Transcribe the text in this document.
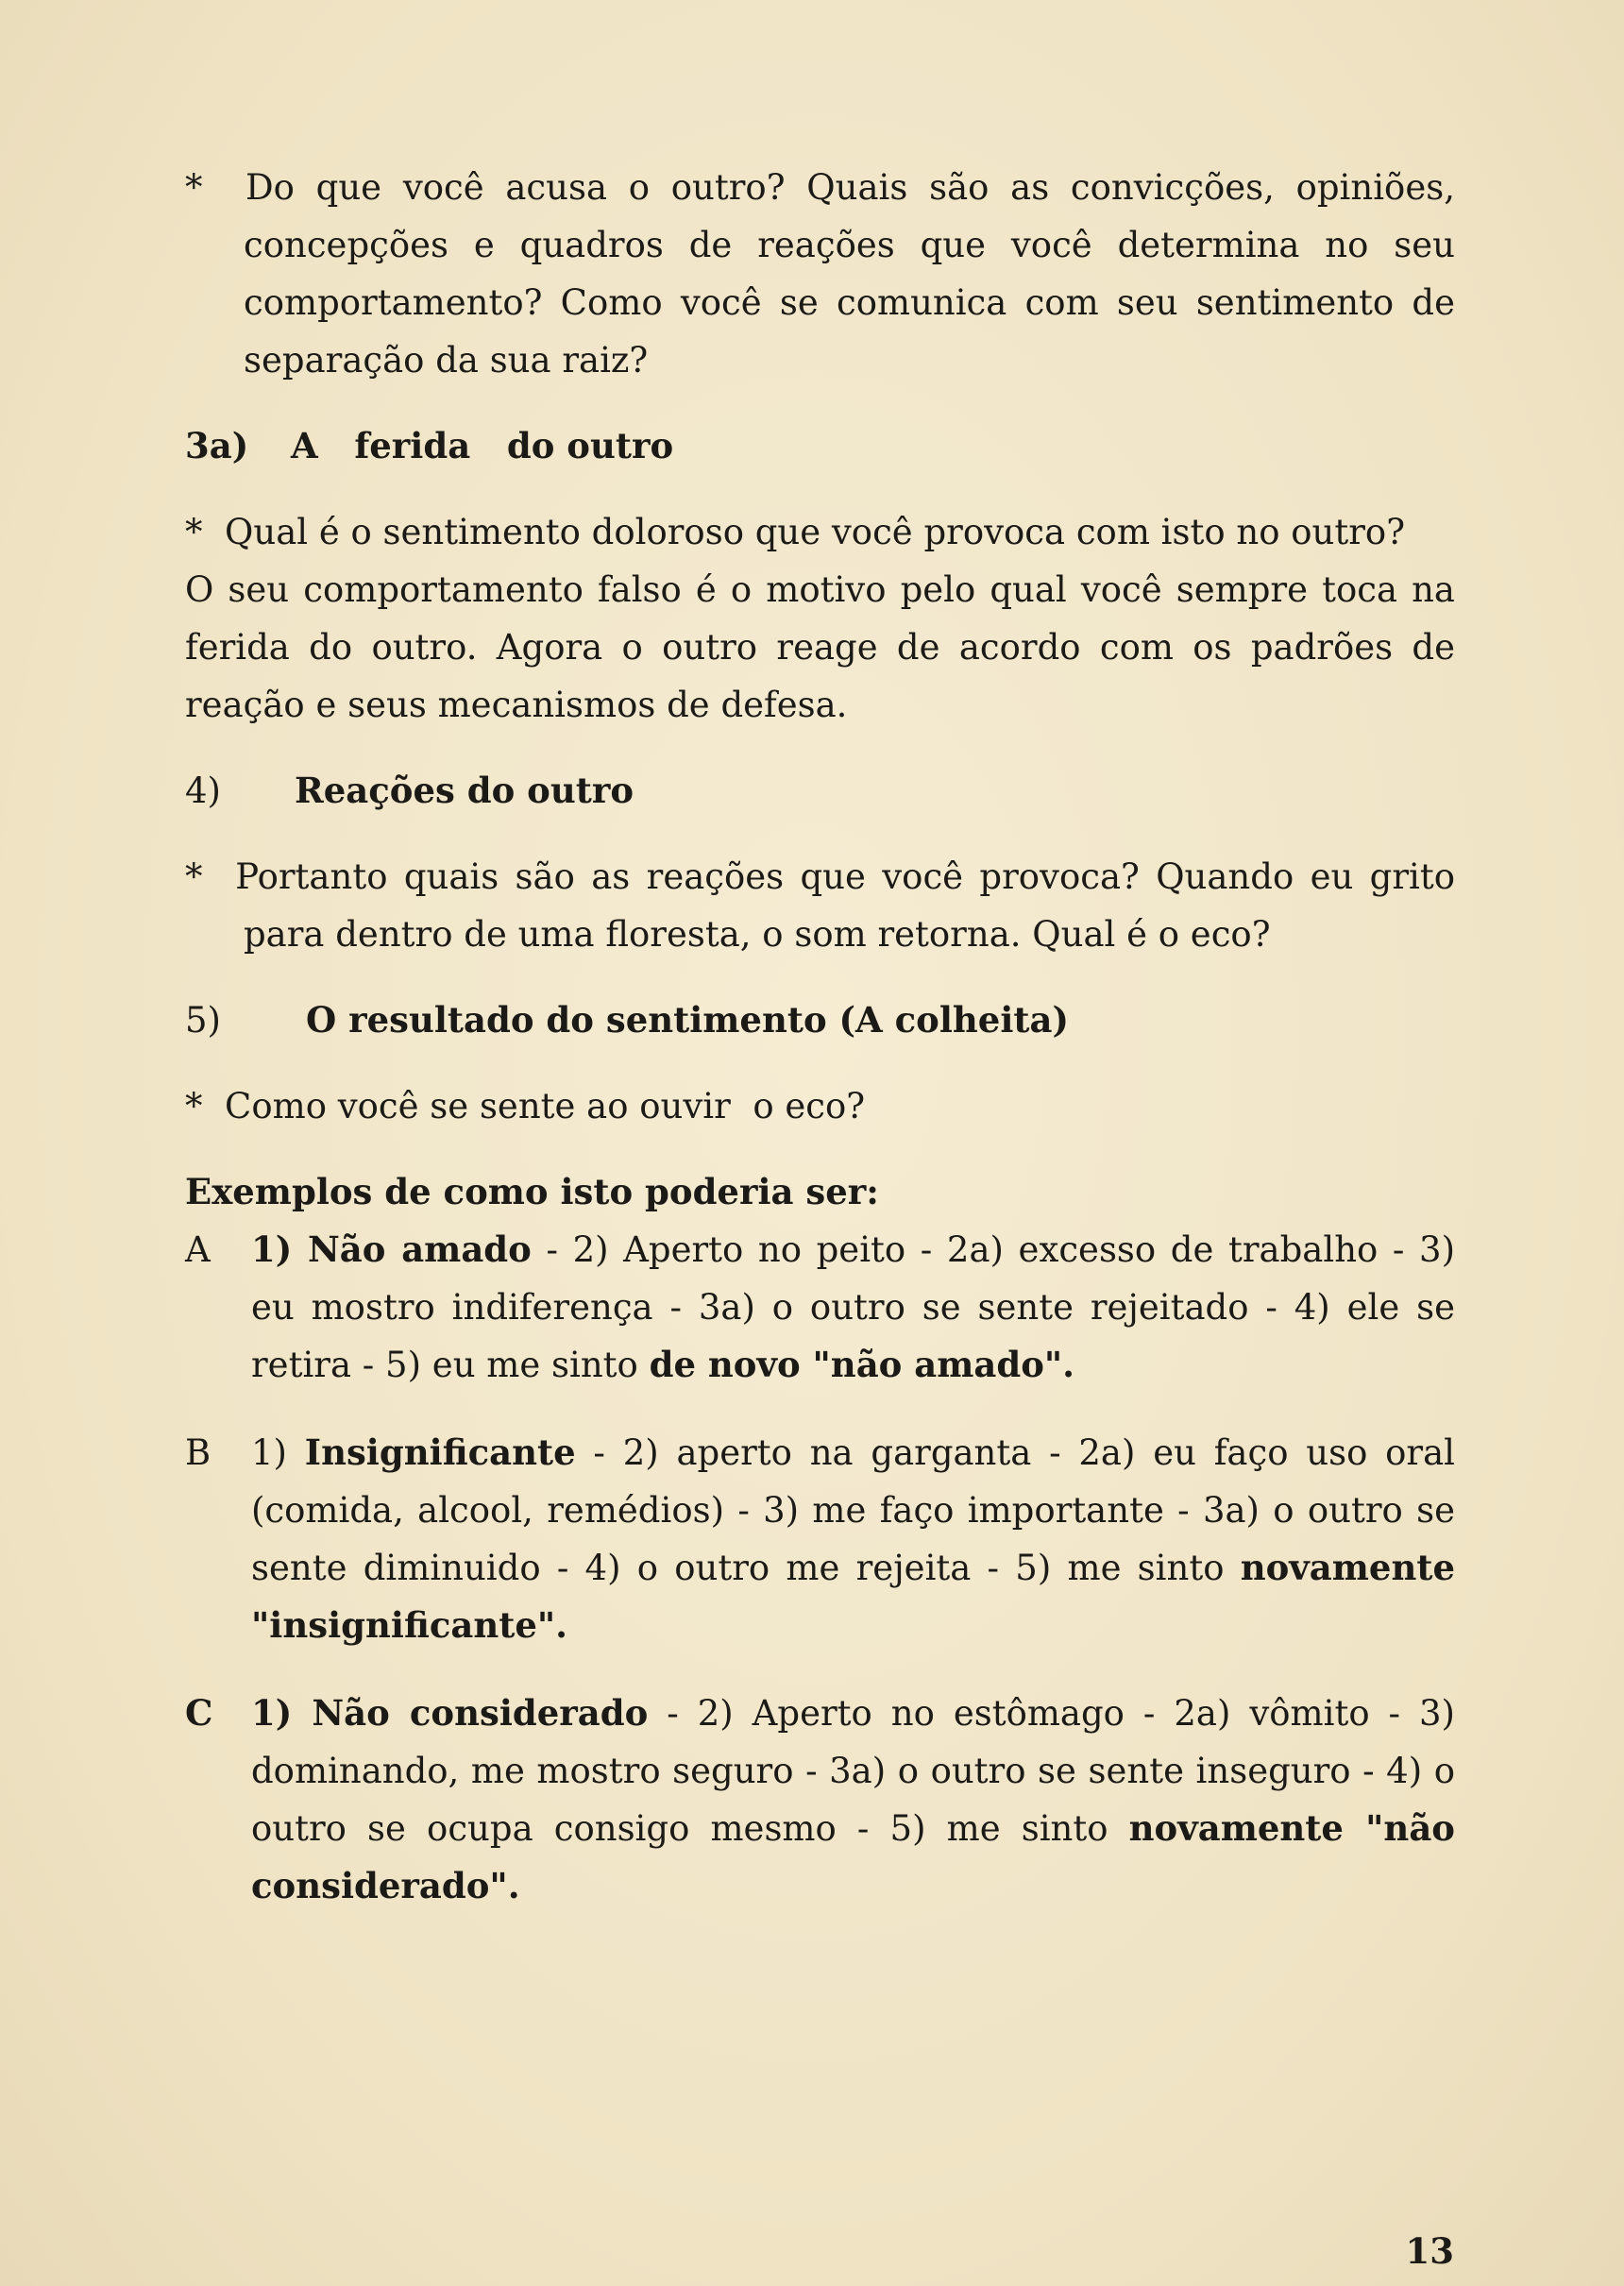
* Do que você acusa o outro? Quais são as convicções, opiniões, concepções e quadros de reações que você determina no seu comportamento? Como você se comunica com seu sentimento de separação da sua raiz?

3a) A   ferida   do outro

* Qual é o sentimento doloroso que você provoca com isto no outro?

O seu comportamento falso é o motivo pelo qual você sempre toca na ferida do outro. Agora o outro reage de acordo com os padrões de reação e seus mecanismos de defesa.

4) Reações do outro

* Portanto quais são as reações que você provoca? Quando eu grito para dentro de uma floresta, o som retorna. Qual é o eco?

5) O resultado do sentimento (A colheita)

* Como você se sente ao ouvir  o eco?

Exemplos de como isto poderia ser:

A 1) Não amado - 2) Aperto no peito - 2a) excesso de trabalho - 3) eu mostro indiferença - 3a) o outro se sente rejeitado - 4) ele se retira - 5) eu me sinto de novo "não amado".

B 1) Insignificante - 2) aperto na garganta - 2a) eu faço uso oral (comida, alcool, remédios) - 3) me faço importante - 3a) o outro se sente diminuido - 4) o outro me rejeita - 5) me sinto novamente "insignificante".

C 1) Não considerado - 2) Aperto no estômago - 2a) vômito - 3) dominando, me mostro seguro - 3a) o outro se sente inseguro - 4) o outro se ocupa consigo mesmo - 5) me sinto novamente "não considerado".

13
